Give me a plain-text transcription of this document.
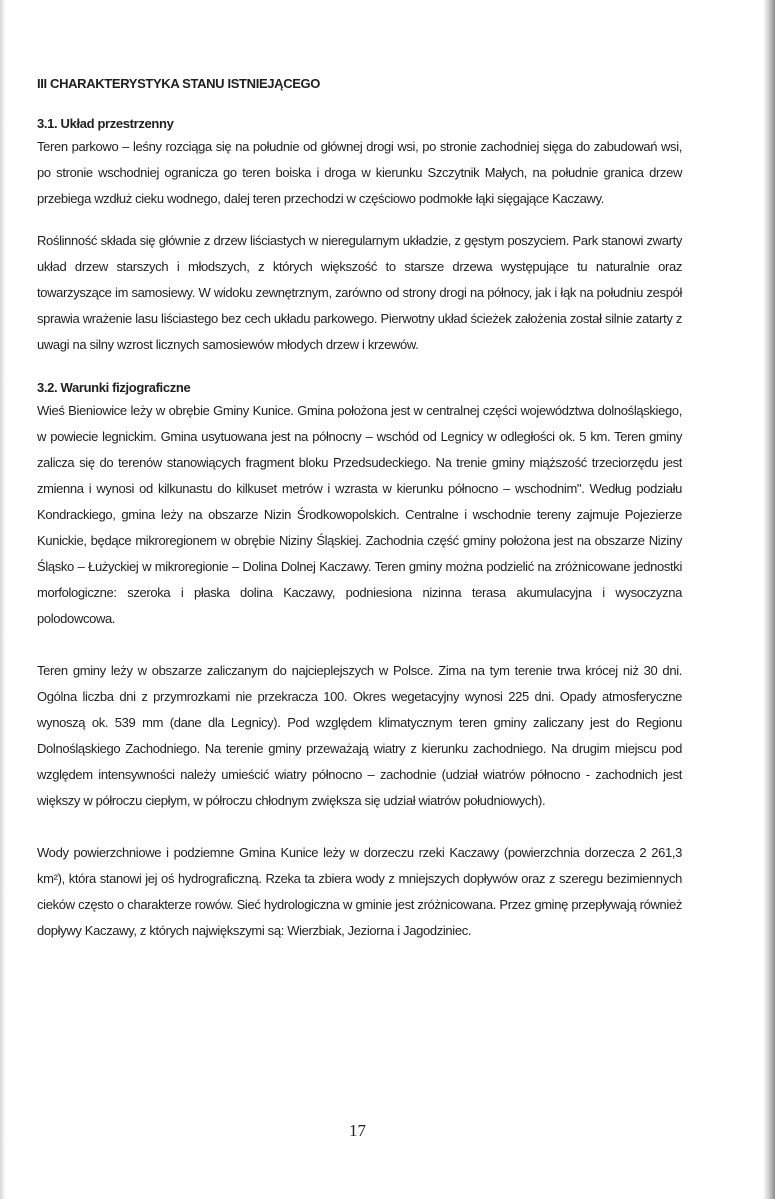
III CHARAKTERYSTYKA STANU ISTNIEJĄCEGO
3.1. Układ przestrzenny

Teren parkowo – leśny rozciąga się na południe od głównej drogi wsi, po stronie zachodniej sięga do zabudowań wsi, po stronie wschodniej ogranicza go teren boiska i droga w kierunku Szczytnik Małych, na południe granica drzew przebiega wzdłuż cieku wodnego, dalej teren przechodzi w częściowo podmokłe łąki sięgające Kaczawy.

Roślinność składa się głównie z drzew liściastych w nieregularnym układzie, z gęstym poszyciem. Park stanowi zwarty układ drzew starszych i młodszych, z których większość to starsze drzewa występujące tu naturalnie oraz towarzyszące im samosiewy. W widoku zewnętrznym, zarówno od strony drogi na północy, jak i łąk na południu zespół sprawia wrażenie lasu liściastego bez cech układu parkowego. Pierwotny układ ścieżek założenia został silnie zatarty z uwagi na silny wzrost licznych samosiewów młodych drzew i krzewów.

3.2. Warunki fizjograficzne

Wieś Bieniowice leży w obrębie Gminy Kunice. Gmina położona jest w centralnej części województwa dolnośląskiego, w powiecie legnickim. Gmina usytuowana jest na północny – wschód od Legnicy w odległości ok. 5 km. Teren gminy zalicza się do terenów stanowiących fragment bloku Przedsudeckiego. Na trenie gminy miąższość trzeciorzędu jest zmienna i wynosi od kilkunastu do kilkuset metrów i wzrasta w kierunku północno – wschodnim". Według podziału Kondrackiego, gmina leży na obszarze Nizin Środkowopolskich. Centralne i wschodnie tereny zajmuje Pojezierze Kunickie, będące mikroregionem w obrębie Niziny Śląskiej. Zachodnia część gminy położona jest na obszarze Niziny Śląsko – Łużyckiej w mikroregionie – Dolina Dolnej Kaczawy. Teren gminy można podzielić na zróżnicowane jednostki morfologiczne: szeroka i płaska dolina Kaczawy, podniesiona nizinna terasa akumulacyjna i wysoczyzna polodowcowa.

Teren gminy leży w obszarze zaliczanym do najcieplejszych w Polsce. Zima na tym terenie trwa krócej niż 30 dni. Ogólna liczba dni z przymrozkami nie przekracza 100. Okres wegetacyjny wynosi 225 dni. Opady atmosferyczne wynoszą ok. 539 mm (dane dla Legnicy). Pod względem klimatycznym teren gminy zaliczany jest do Regionu Dolnośląskiego Zachodniego. Na terenie gminy przeważają wiatry z kierunku zachodniego. Na drugim miejscu pod względem intensywności należy umieścić wiatry północno – zachodnie (udział wiatrów północno - zachodnich jest większy w półroczu ciepłym, w półroczu chłodnym zwiększa się udział wiatrów południowych).

Wody powierzchniowe i podziemne Gmina Kunice leży w dorzeczu rzeki Kaczawy (powierzchnia dorzecza 2 261,3 km²), która stanowi jej oś hydrograficzną. Rzeka ta zbiera wody z mniejszych dopływów oraz z szeregu bezimiennych cieków często o charakterze rowów. Sieć hydrologiczna w gminie jest zróżnicowana. Przez gminę przepływają również dopływy Kaczawy, z których największymi są: Wierzbiak, Jeziorna i Jagodziniec.

17
